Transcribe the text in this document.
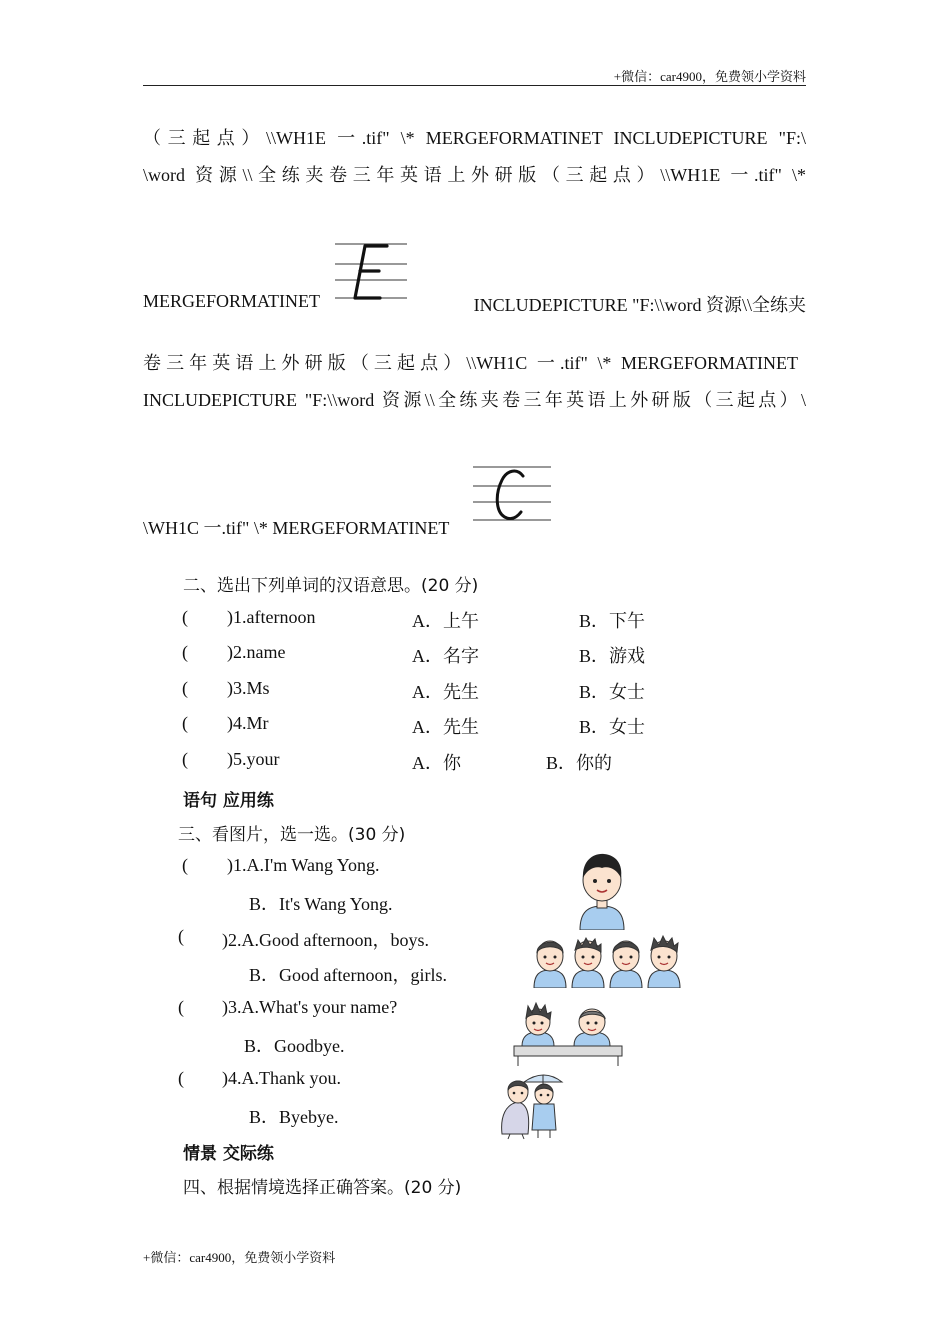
+微信：car4900，免费领小学资料
（三起点）\\WH1E 一.tif" \* MERGEFORMATINET INCLUDEPICTURE "F:\
\word 资源\\全练夹卷三年英语上外研版（三起点）\\WH1E 一.tif" \*
MERGEFORMATINET	INCLUDEPICTURE "F:\\word 资源\\全练夹
卷三年英语上外研版（三起点）\\WH1C 一.tif" \* MERGEFORMATINET
INCLUDEPICTURE "F:\\word 资源\\全练夹卷三年英语上外研版（三起点）\
\WH1C 一.tif" \* MERGEFORMATINET
二、选出下列单词的汉语意思。(20 分)
( )1.afternoon	A．上午	B．下午
( )2.name	A．名字	B．游戏
( )3.Ms	A．先生	B．女士
( )4.Mr	A．先生	B．女士
( )5.your	A．你	B．你的
语句 应用练
三、看图片，选一选。(30 分)
( )1.A.I'm Wang Yong.
B．It's Wang Yong.
( )2.A.Good afternoon，boys.
B．Good afternoon，girls.
( )3.A.What's your name?
B．Goodbye.
( )4.A.Thank you.
B．Byebye.
情景 交际练
四、根据情境选择正确答案。(20 分)
+微信：car4900，免费领小学资料
